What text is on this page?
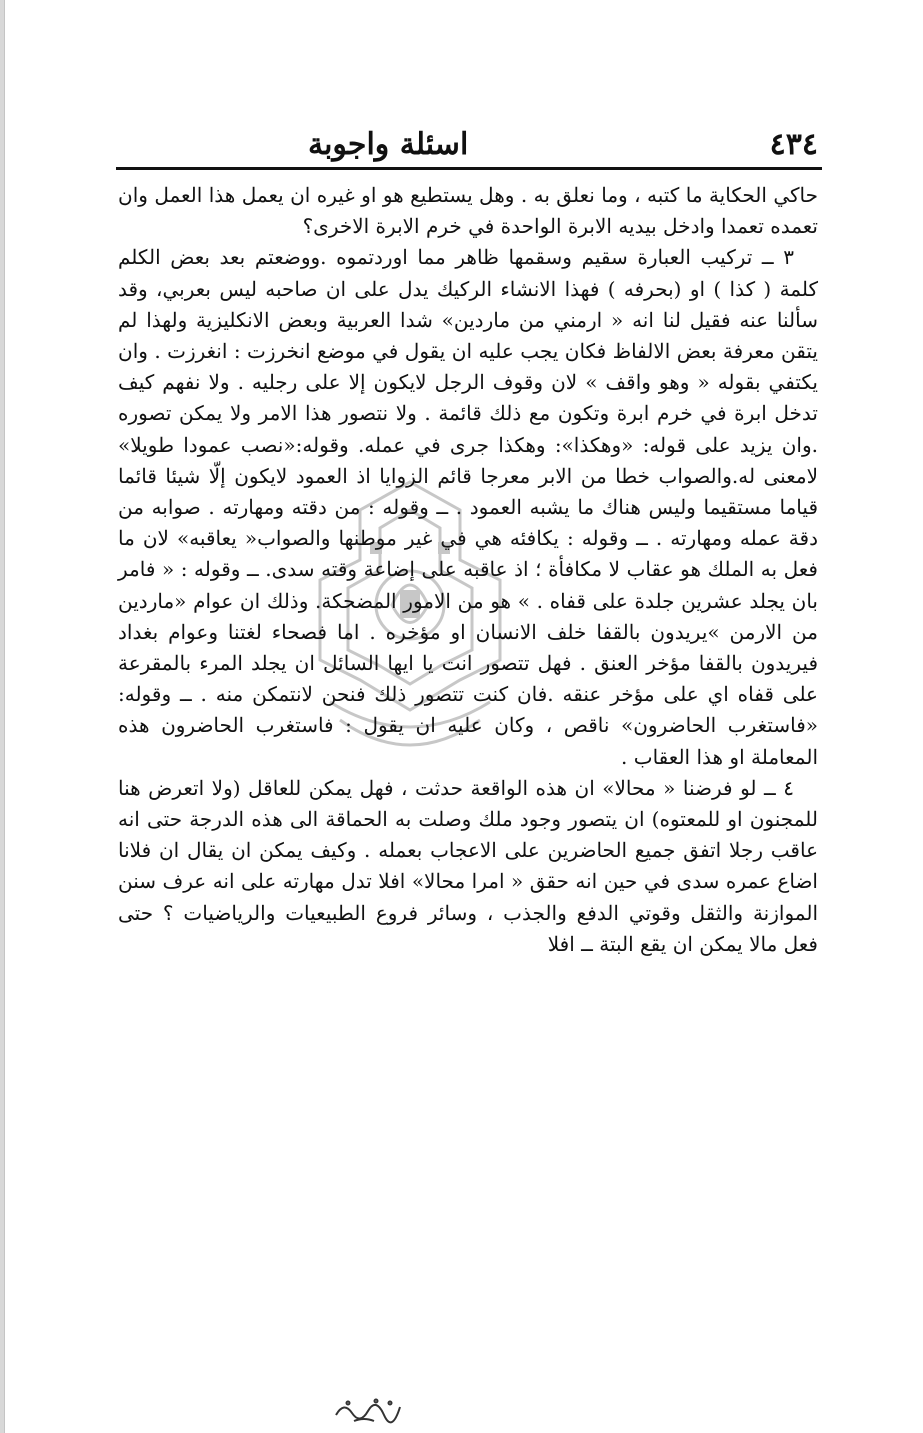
٤٣٤
اسئلة واجوبة

حاكي الحكاية ما كتبه ، وما نعلق به . وهل يستطيع هو او غيره ان يعمل هذا العمل وان تعمده تعمدا وادخل بيديه الابرة الواحدة في خرم الابرة الاخرى؟

٣ ــ تركيب العبارة سقيم وسقمها ظاهر مما اوردتموه .ووضعتم بعد بعض الكلم كلمة ( كذا ) او (بحرفه ) فهذا الانشاء الركيك يدل على ان صاحبه ليس بعربي، وقد سألنا عنه فقيل لنا انه « ارمني من ماردين» شدا العربية وبعض الانكليزية ولهذا لم يتقن معرفة بعض الالفاظ فكان يجب عليه ان يقول في موضع انخرزت : انغرزت . وان يكتفي بقوله « وهو واقف » لان وقوف الرجل لايكون إلا على رجليه . ولا نفهم كيف تدخل ابرة في خرم ابرة وتكون مع ذلك قائمة . ولا نتصور هذا الامر ولا يمكن تصوره .وان يزيد على قوله: «وهكذا»: وهكذا جرى في عمله. وقوله:«نصب عمودا طويلا» لامعنى له.والصواب خطا من الابر معرجا قائم الزوايا اذ العمود لايكون إلّا شيئا قائما قياما مستقيما وليس هناك ما يشبه العمود . ــ وقوله : من دقته ومهارته . صوابه من دقة عمله ومهارته . ــ وقوله : يكافئه هي في غير موطنها والصواب« يعاقبه» لان ما فعل به الملك هو عقاب لا مكافأة ؛ اذ عاقبه على إضاعة وقته سدى. ــ وقوله : « فامر بان يجلد عشرين جلدة على قفاه . » هو من الامور المضحكة. وذلك ان عوام «ماردين من الارمن »يريدون بالقفا خلف الانسان او مؤخره . اما فصحاء لغتنا وعوام بغداد فيريدون بالقفا مؤخر العنق . فهل تتصور انت يا ايها السائل ان يجلد المرء بالمقرعة على قفاه اي على مؤخر عنقه .فان كنت تتصور ذلك فنحن لانتمكن منه . ــ وقوله: «فاستغرب الحاضرون» ناقص ، وكان عليه ان يقول : فاستغرب الحاضرون هذه المعاملة او هذا العقاب .

٤ ــ لو فرضنا « محالا» ان هذه الواقعة حدثت ، فهل يمكن للعاقل (ولا اتعرض هنا للمجنون او للمعتوه) ان يتصور وجود ملك وصلت به الحماقة الى هذه الدرجة حتى انه عاقب رجلا اتفق جميع الحاضرين على الاعجاب بعمله . وكيف يمكن ان يقال ان فلانا اضاع عمره سدى في حين انه حقق « امرا محالا» افلا تدل مهارته على انه عرف سنن الموازنة والثقل وقوتي الدفع والجذب ، وسائر فروع الطبيعيات والرياضيات ؟ حتى فعل مالا يمكن ان يقع البتة ــ افلا
